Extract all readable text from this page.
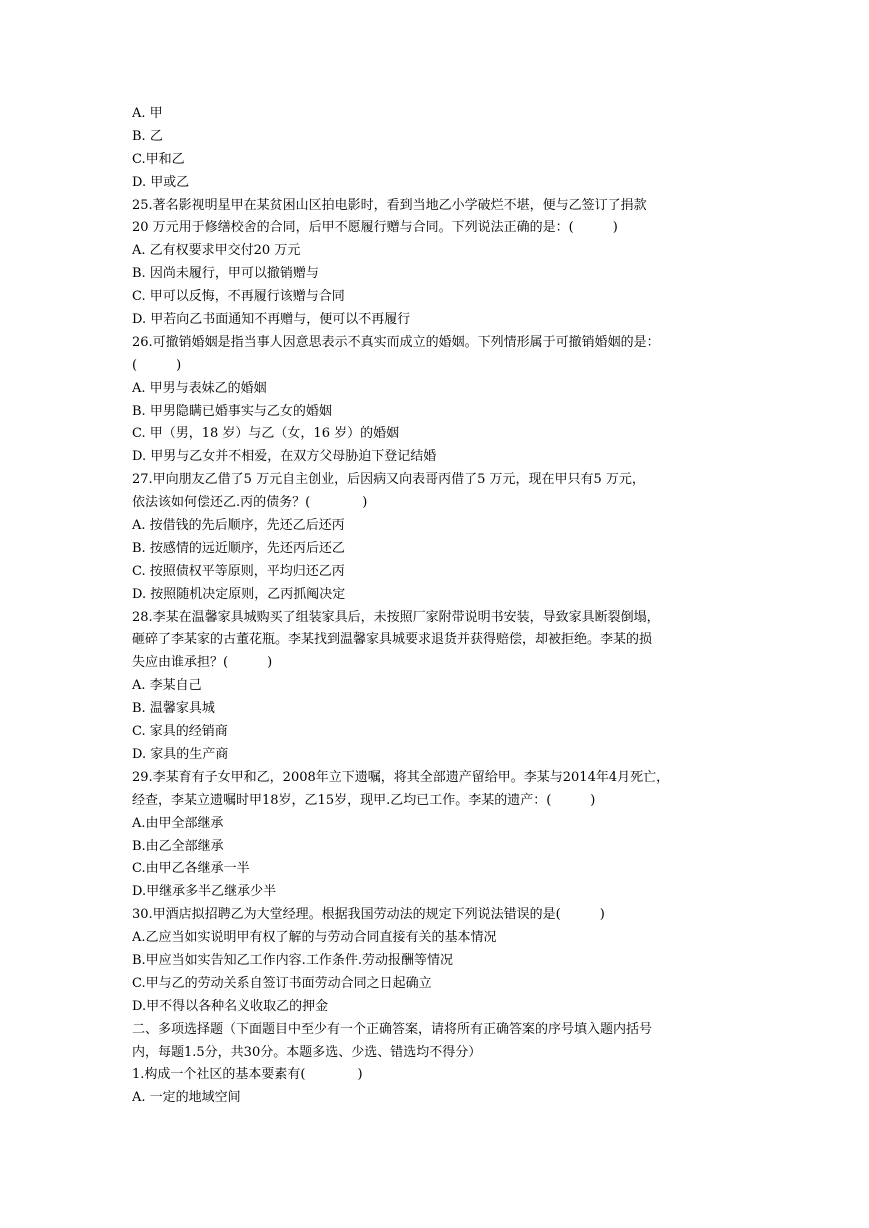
A. 甲
B. 乙
C.甲和乙
D. 甲或乙
25.著名影视明星甲在某贫困山区拍电影时，看到当地乙小学破烂不堪，便与乙签订了捐款
20 万元用于修缮校舍的合同，后甲不愿履行赠与合同。下列说法正确的是：(　　　)
A. 乙有权要求甲交付20 万元
B. 因尚未履行，甲可以撤销赠与
C. 甲可以反悔，不再履行该赠与合同
D. 甲若向乙书面通知不再赠与，便可以不再履行
26.可撤销婚姻是指当事人因意思表示不真实而成立的婚姻。下列情形属于可撤销婚姻的是：
(　　　)
A. 甲男与表妹乙的婚姻
B. 甲男隐瞒已婚事实与乙女的婚姻
C. 甲（男，18 岁）与乙（女，16 岁）的婚姻
D. 甲男与乙女并不相爱，在双方父母胁迫下登记结婚
27.甲向朋友乙借了5 万元自主创业，后因病又向表哥丙借了5 万元，现在甲只有5 万元，
依法该如何偿还乙.丙的债务？(　　　　)
A. 按借钱的先后顺序，先还乙后还丙
B. 按感情的远近顺序，先还丙后还乙
C. 按照债权平等原则，平均归还乙丙
D. 按照随机决定原则，乙丙抓阄决定
28.李某在温馨家具城购买了组装家具后，未按照厂家附带说明书安装，导致家具断裂倒塌，
砸碎了李某家的古董花瓶。李某找到温馨家具城要求退货并获得赔偿，却被拒绝。李某的损
失应由谁承担？(　　　)
A. 李某自己
B. 温馨家具城
C. 家具的经销商
D. 家具的生产商
29.李某育有子女甲和乙，2008年立下遗嘱，将其全部遗产留给甲。李某与2014年4月死亡，
经查，李某立遗嘱时甲18岁，乙15岁，现甲.乙均已工作。李某的遗产：(　　　)
A.由甲全部继承
B.由乙全部继承
C.由甲乙各继承一半
D.甲继承多半乙继承少半
30.甲酒店拟招聘乙为大堂经理。根据我国劳动法的规定下列说法错误的是(　　　)
A.乙应当如实说明甲有权了解的与劳动合同直接有关的基本情况
B.甲应当如实告知乙工作内容.工作条件.劳动报酬等情况
C.甲与乙的劳动关系自签订书面劳动合同之日起确立
D.甲不得以各种名义收取乙的押金
二、多项选择题（下面题目中至少有一个正确答案，请将所有正确答案的序号填入题内括号
内，每题1.5分，共30分。本题多选、少选、错选均不得分）
1.构成一个社区的基本要素有(　　　　)
A. 一定的地域空间
